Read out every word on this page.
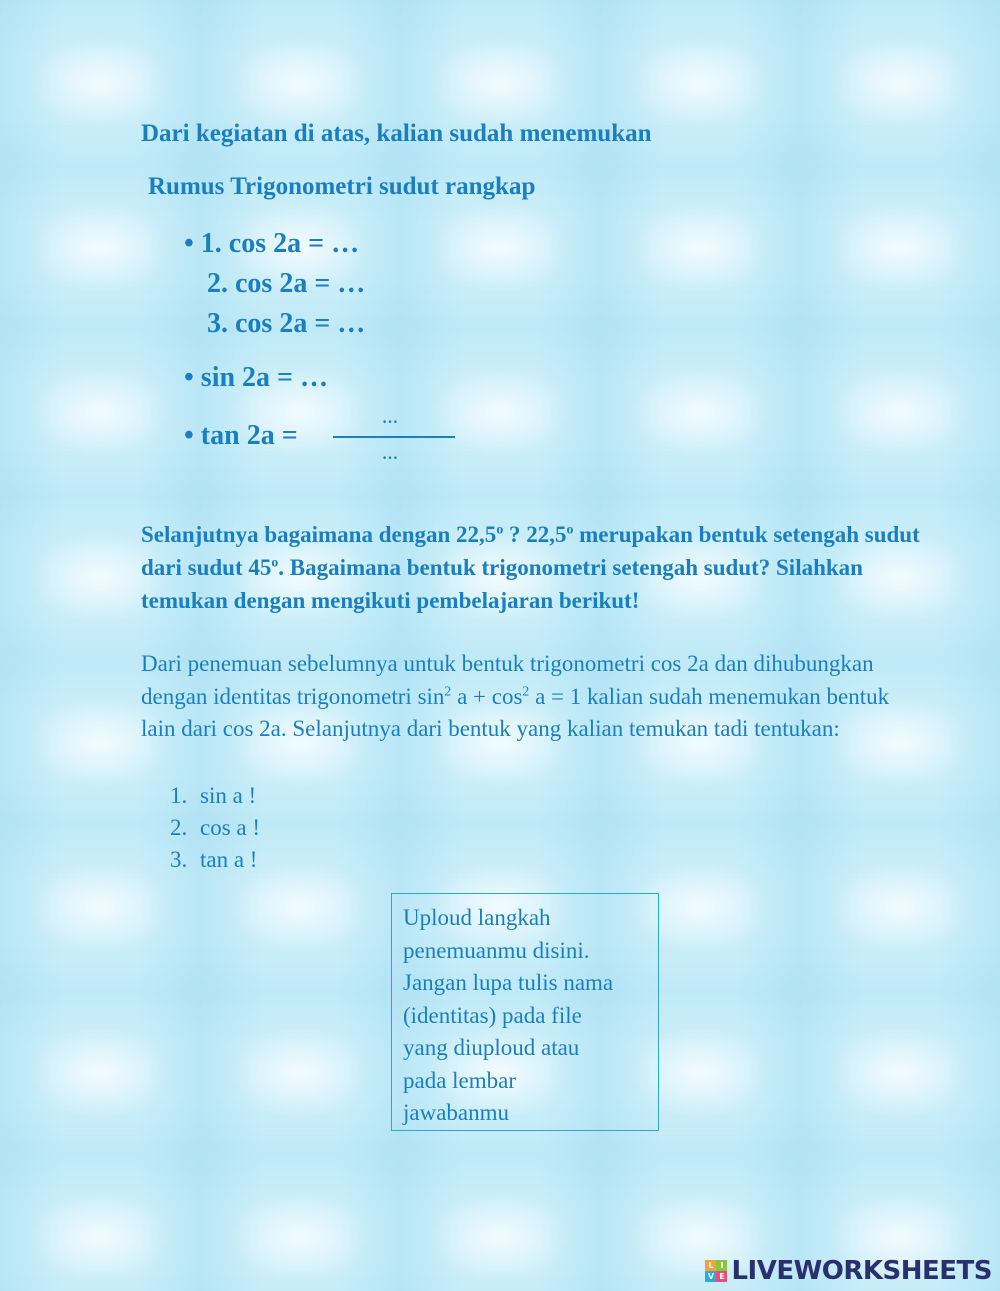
Dari kegiatan di atas, kalian sudah menemukan
Rumus Trigonometri sudut rangkap
• 1. cos 2a = …
2. cos 2a = …
3. cos 2a = …
• sin 2a = …
• tan 2a =
…
…
Selanjutnya bagaimana dengan 22,5$^o$ ? 22,5$^o$ merupakan bentuk setengah sudut dari sudut 45$^o$. Bagaimana bentuk trigonometri setengah sudut? Silahkan temukan dengan mengikuti pembelajaran berikut!
Dari penemuan sebelumnya untuk bentuk trigonometri cos 2a dan dihubungkan dengan identitas trigonometri $\sin^2 a + \cos^2 a = 1$ kalian sudah menemukan bentuk lain dari cos 2a. Selanjutnya dari bentuk yang kalian temukan tadi tentukan:
1. sin a !
2. cos a !
3. tan a !
Uploud langkah
penemuanmu disini.
Jangan lupa tulis nama
(identitas) pada file
yang diuploud atau
pada lembar
jawabanmu
L I
V E LIVEWORKSHEETS
